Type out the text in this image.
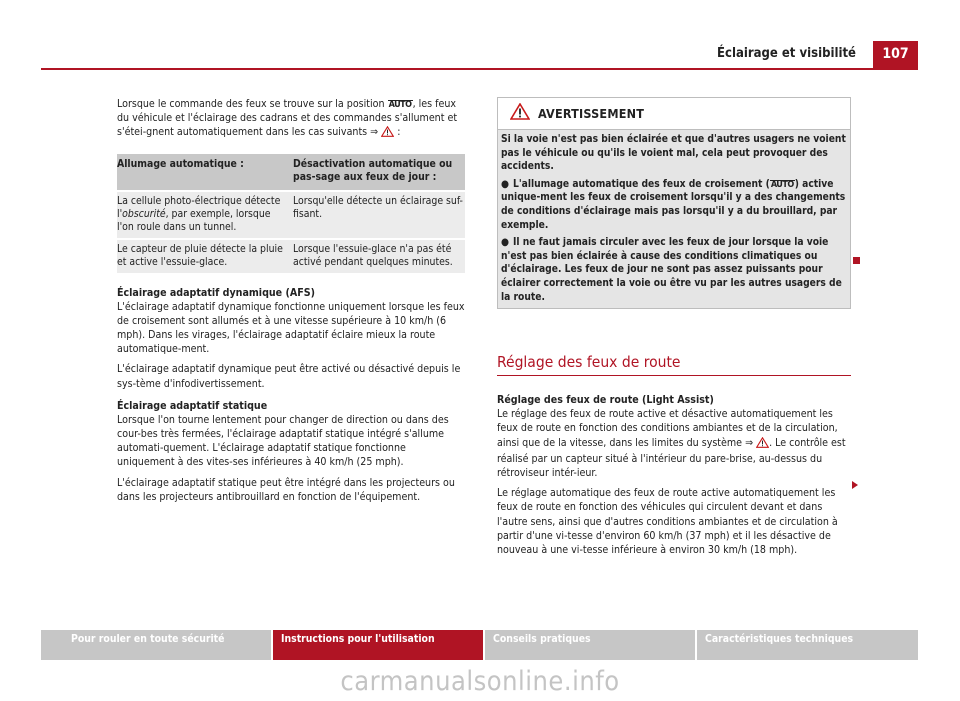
Éclairage et visibilité	107

Lorsque le commande des feux se trouve sur la position AUTO, les feux du véhicule et l'éclairage des cadrans et des commandes s'allument et s'étei-gnent automatiquement dans les cas suivants ⇒ :

Allumage automatique :	Désactivation automatique ou pas-sage aux feux de jour :
La cellule photo-électrique détecte l'obscurité, par exemple, lorsque l'on roule dans un tunnel.	Lorsqu'elle détecte un éclairage suf-fisant.
Le capteur de pluie détecte la pluie et active l'essuie-glace.	Lorsque l'essuie-glace n'a pas été activé pendant quelques minutes.
Éclairage adaptatif dynamique (AFS)

L'éclairage adaptatif dynamique fonctionne uniquement lorsque les feux de croisement sont allumés et à une vitesse supérieure à 10 km/h (6 mph). Dans les virages, l'éclairage adaptatif éclaire mieux la route automatique-ment.

L'éclairage adaptatif dynamique peut être activé ou désactivé depuis le sys-tème d'infodivertissement.

Éclairage adaptatif statique

Lorsque l'on tourne lentement pour changer de direction ou dans des cour-bes très fermées, l'éclairage adaptatif statique intégré s'allume automati-quement. L'éclairage adaptatif statique fonctionne uniquement à des vites-ses inférieures à 40 km/h (25 mph).

L'éclairage adaptatif statique peut être intégré dans les projecteurs ou dans les projecteurs antibrouillard en fonction de l'équipement.

AVERTISSEMENT
Si la voie n'est pas bien éclairée et que d'autres usagers ne voient pas le véhicule ou qu'ils le voient mal, cela peut provoquer des accidents.
● L'allumage automatique des feux de croisement (AUTO) active unique-ment les feux de croisement lorsqu'il y a des changements de conditions d'éclairage mais pas lorsqu'il y a du brouillard, par exemple.
● Il ne faut jamais circuler avec les feux de jour lorsque la voie n'est pas bien éclairée à cause des conditions climatiques ou d'éclairage. Les feux de jour ne sont pas assez puissants pour éclairer correctement la voie ou être vu par les autres usagers de la route.
Réglage des feux de route
Réglage des feux de route (Light Assist)

Le réglage des feux de route active et désactive automatiquement les feux de route en fonction des conditions ambiantes et de la circulation, ainsi que de la vitesse, dans les limites du système ⇒ . Le contrôle est réalisé par un capteur situé à l'intérieur du pare-brise, au-dessus du rétroviseur intér-ieur.

Le réglage automatique des feux de route active automatiquement les feux de route en fonction des véhicules qui circulent devant et dans l'autre sens, ainsi que d'autres conditions ambiantes et de circulation à partir d'une vi-tesse d'environ 60 km/h (37 mph) et il les désactive de nouveau à une vi-tesse inférieure à environ 30 km/h (18 mph).

Pour rouler en toute sécurité	Instructions pour l'utilisation	Conseils pratiques	Caractéristiques techniques
carmanualsonline.info
